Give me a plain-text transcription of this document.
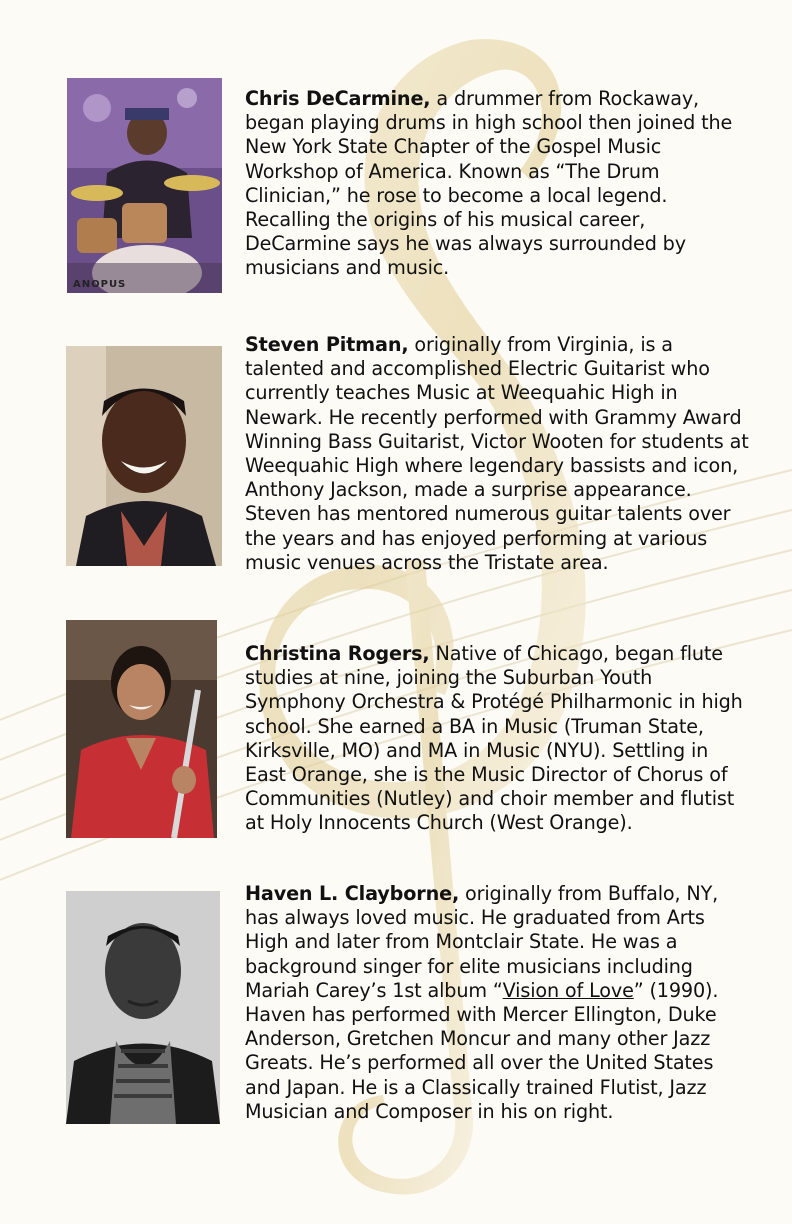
ANOPUS
Chris DeCarmine, a drummer from Rockaway, began playing drums in high school then joined the New York State Chapter of the Gospel Music Workshop of America. Known as “The Drum Clinician,” he rose to become a local legend. Recalling the origins of his musical career, DeCarmine says he was always surrounded by musicians and music.
Steven Pitman, originally from Virginia, is a talented and accomplished Electric Guitarist who currently teaches Music at Weequahic High in Newark. He recently performed with Grammy Award Winning Bass Guitarist, Victor Wooten for students at Weequahic High where legendary bassists and icon, Anthony Jackson, made a surprise appearance. Steven has mentored numerous guitar talents over the years and has enjoyed performing at various music venues across the Tristate area.
Christina Rogers, Native of Chicago, began flute studies at nine, joining the Suburban Youth Symphony Orchestra & Protégé Philharmonic in high school. She earned a BA in Music (Truman State, Kirksville, MO) and MA in Music (NYU). Settling in East Orange, she is the Music Director of Chorus of Communities (Nutley) and choir member and flutist at Holy Innocents Church (West Orange).
Haven L. Clayborne, originally from Buffalo, NY, has always loved music. He graduated from Arts High and later from Montclair State. He was a background singer for elite musicians including Mariah Carey’s 1st album “Vision of Love” (1990). Haven has performed with Mercer Ellington, Duke Anderson, Gretchen Moncur and many other Jazz Greats. He’s performed all over the United States and Japan. He is a Classically trained Flutist, Jazz Musician and Composer in his on right.
